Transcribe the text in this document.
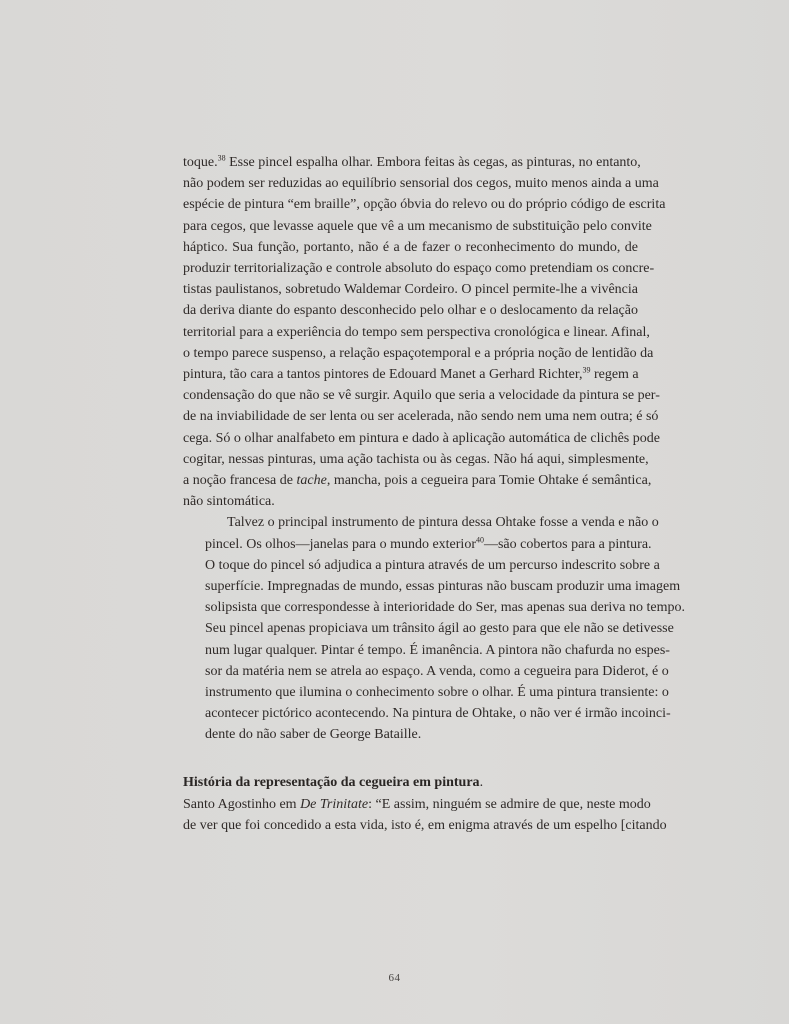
toque.$^{38}$ Esse pincel espalha olhar. Embora feitas às cegas, as pinturas, no entanto,
não podem ser reduzidas ao equilíbrio sensorial dos cegos, muito menos ainda a uma
espécie de pintura “em braille”, opção óbvia do relevo ou do próprio código de escrita
para cegos, que levasse aquele que vê a um mecanismo de substituição pelo convite
háptico. Sua função, portanto, não é a de fazer o reconhecimento do mundo, de
produzir territorialização e controle absoluto do espaço como pretendiam os concre-
tistas paulistanos, sobretudo Waldemar Cordeiro. O pincel permite-lhe a vivência
da deriva diante do espanto desconhecido pelo olhar e o deslocamento da relação
territorial para a experiência do tempo sem perspectiva cronológica e linear. Afinal,
o tempo parece suspenso, a relação espaçotemporal e a própria noção de lentidão da
pintura, tão cara a tantos pintores de Edouard Manet a Gerhard Richter,$^{39}$ regem a
condensação do que não se vê surgir. Aquilo que seria a velocidade da pintura se per-
de na inviabilidade de ser lenta ou ser acelerada, não sendo nem uma nem outra; é só
cega. Só o olhar analfabeto em pintura e dado à aplicação automática de clichês pode
cogitar, nessas pinturas, uma ação tachista ou às cegas. Não há aqui, simplesmente,
a noção francesa de tache, mancha, pois a cegueira para Tomie Ohtake é semântica,
não sintomática.

Talvez o principal instrumento de pintura dessa Ohtake fosse a venda e não o
pincel. Os olhos—janelas para o mundo exterior$^{40}$—são cobertos para a pintura.
O toque do pincel só adjudica a pintura através de um percurso indescrito sobre a
superfície. Impregnadas de mundo, essas pinturas não buscam produzir uma imagem
solipsista que correspondesse à interioridade do Ser, mas apenas sua deriva no tempo.
Seu pincel apenas propiciava um trânsito ágil ao gesto para que ele não se detivesse
num lugar qualquer. Pintar é tempo. É imanência. A pintora não chafurda no espes-
sor da matéria nem se atrela ao espaço. A venda, como a cegueira para Diderot, é o
instrumento que ilumina o conhecimento sobre o olhar. É uma pintura transiente: o
acontecer pictórico acontecendo. Na pintura de Ohtake, o não ver é irmão incoinci-
dente do não saber de George Bataille.

História da representação da cegueira em pintura.

Santo Agostinho em De Trinitate: “E assim, ninguém se admire de que, neste modo
de ver que foi concedido a esta vida, isto é, em enigma através de um espelho [citando
64
